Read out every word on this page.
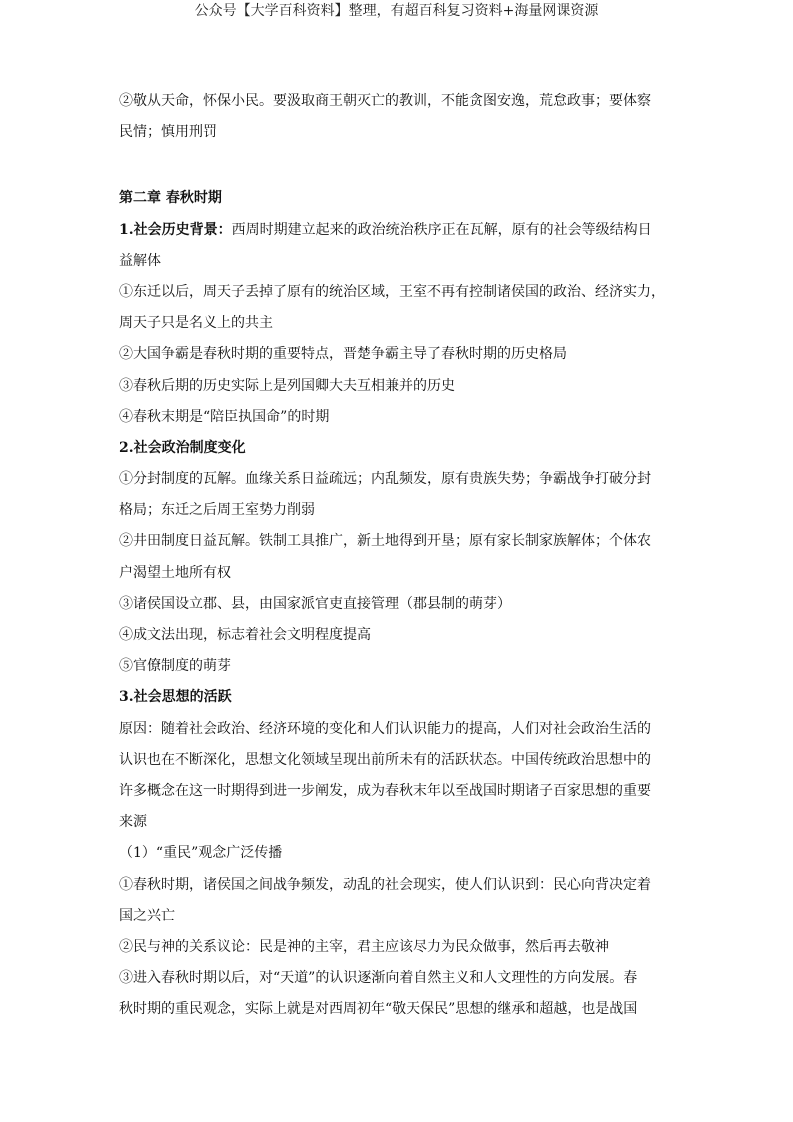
公众号【大学百科资料】整理，有超百科复习资料+海量网课资源
②敬从天命，怀保小民。要汲取商王朝灭亡的教训，不能贪图安逸，荒怠政事；要体察
民情；慎用刑罚
第二章 春秋时期
1.社会历史背景：西周时期建立起来的政治统治秩序正在瓦解，原有的社会等级结构日
益解体
①东迁以后，周天子丢掉了原有的统治区域，王室不再有控制诸侯国的政治、经济实力，
周天子只是名义上的共主
②大国争霸是春秋时期的重要特点，晋楚争霸主导了春秋时期的历史格局
③春秋后期的历史实际上是列国卿大夫互相兼并的历史
④春秋末期是“陪臣执国命”的时期
2.社会政治制度变化
①分封制度的瓦解。血缘关系日益疏远；内乱频发，原有贵族失势；争霸战争打破分封
格局；东迁之后周王室势力削弱
②井田制度日益瓦解。铁制工具推广，新土地得到开垦；原有家长制家族解体；个体农
户渴望土地所有权
③诸侯国设立郡、县，由国家派官吏直接管理（郡县制的萌芽）
④成文法出现，标志着社会文明程度提高
⑤官僚制度的萌芽
3.社会思想的活跃
原因：随着社会政治、经济环境的变化和人们认识能力的提高，人们对社会政治生活的
认识也在不断深化，思想文化领域呈现出前所未有的活跃状态。中国传统政治思想中的
许多概念在这一时期得到进一步阐发，成为春秋末年以至战国时期诸子百家思想的重要
来源
（1）“重民”观念广泛传播
①春秋时期，诸侯国之间战争频发，动乱的社会现实，使人们认识到：民心向背决定着
国之兴亡
②民与神的关系议论：民是神的主宰，君主应该尽力为民众做事，然后再去敬神
③进入春秋时期以后，对“天道”的认识逐渐向着自然主义和人文理性的方向发展。春
秋时期的重民观念，实际上就是对西周初年“敬天保民”思想的继承和超越，也是战国
